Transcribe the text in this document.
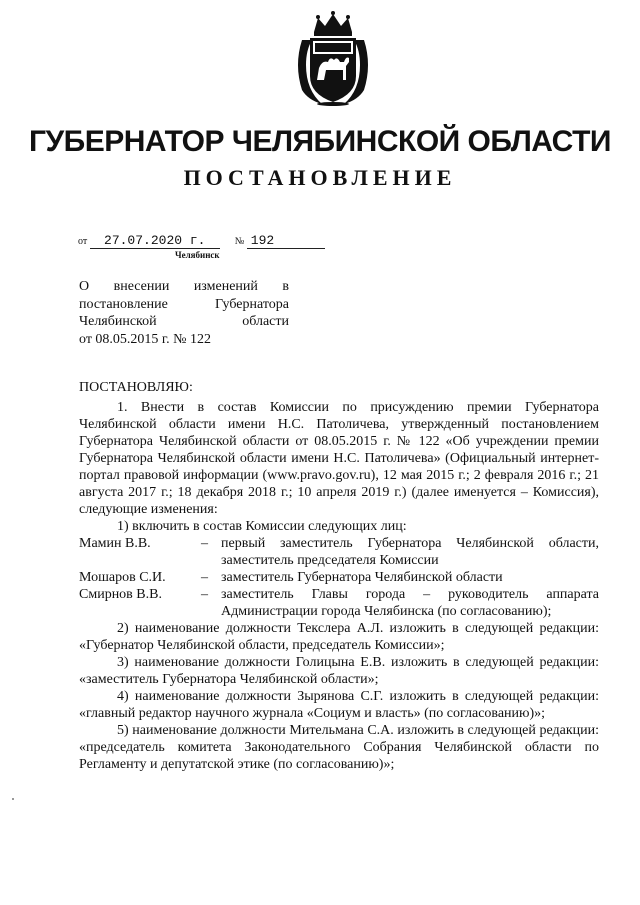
ГУБЕРНАТОР ЧЕЛЯБИНСКОЙ ОБЛАСТИ
ПОСТАНОВЛЕНИЕ
от 27.07.2020 г.	№ 192
Челябинск
О внесении изменений в
постановление Губернатора
Челябинской области
от 08.05.2015 г. № 122
ПОСТАНОВЛЯЮ:

1. Внести в состав Комиссии по присуждению премии Губернатора Челябинской области имени Н.С. Патоличева, утвержденный постановлением Губернатора Челябинской области от 08.05.2015 г. № 122 «Об учреждении премии Губернатора Челябинской области имени Н.С. Патоличева» (Официальный интернет-портал правовой информации (www.pravo.gov.ru), 12 мая 2015 г.; 2 февраля 2016 г.; 21 августа 2017 г.; 18 декабря 2018 г.; 10 апреля 2019 г.) (далее именуется – Комиссия), следующие изменения:

1) включить в состав Комиссии следующих лиц:

Мамин В.В.	– первый заместитель Губернатора Челябинской области, заместитель председателя Комиссии
Мошаров С.И.	– заместитель Губернатора Челябинской области
Смирнов В.В.	– заместитель Главы города – руководитель аппарата Администрации города Челябинска (по согласованию);

2) наименование должности Текслера А.Л. изложить в следующей редакции: «Губернатор Челябинской области, председатель Комиссии»;

3) наименование должности Голицына Е.В. изложить в следующей редакции: «заместитель Губернатора Челябинской области»;

4) наименование должности Зырянова С.Г. изложить в следующей редакции: «главный редактор научного журнала «Социум и власть» (по согласованию)»;

5) наименование должности Мительмана С.А. изложить в следующей редакции: «председатель комитета Законодательного Собрания Челябинской области по Регламенту и депутатской этике (по согласованию)»;
